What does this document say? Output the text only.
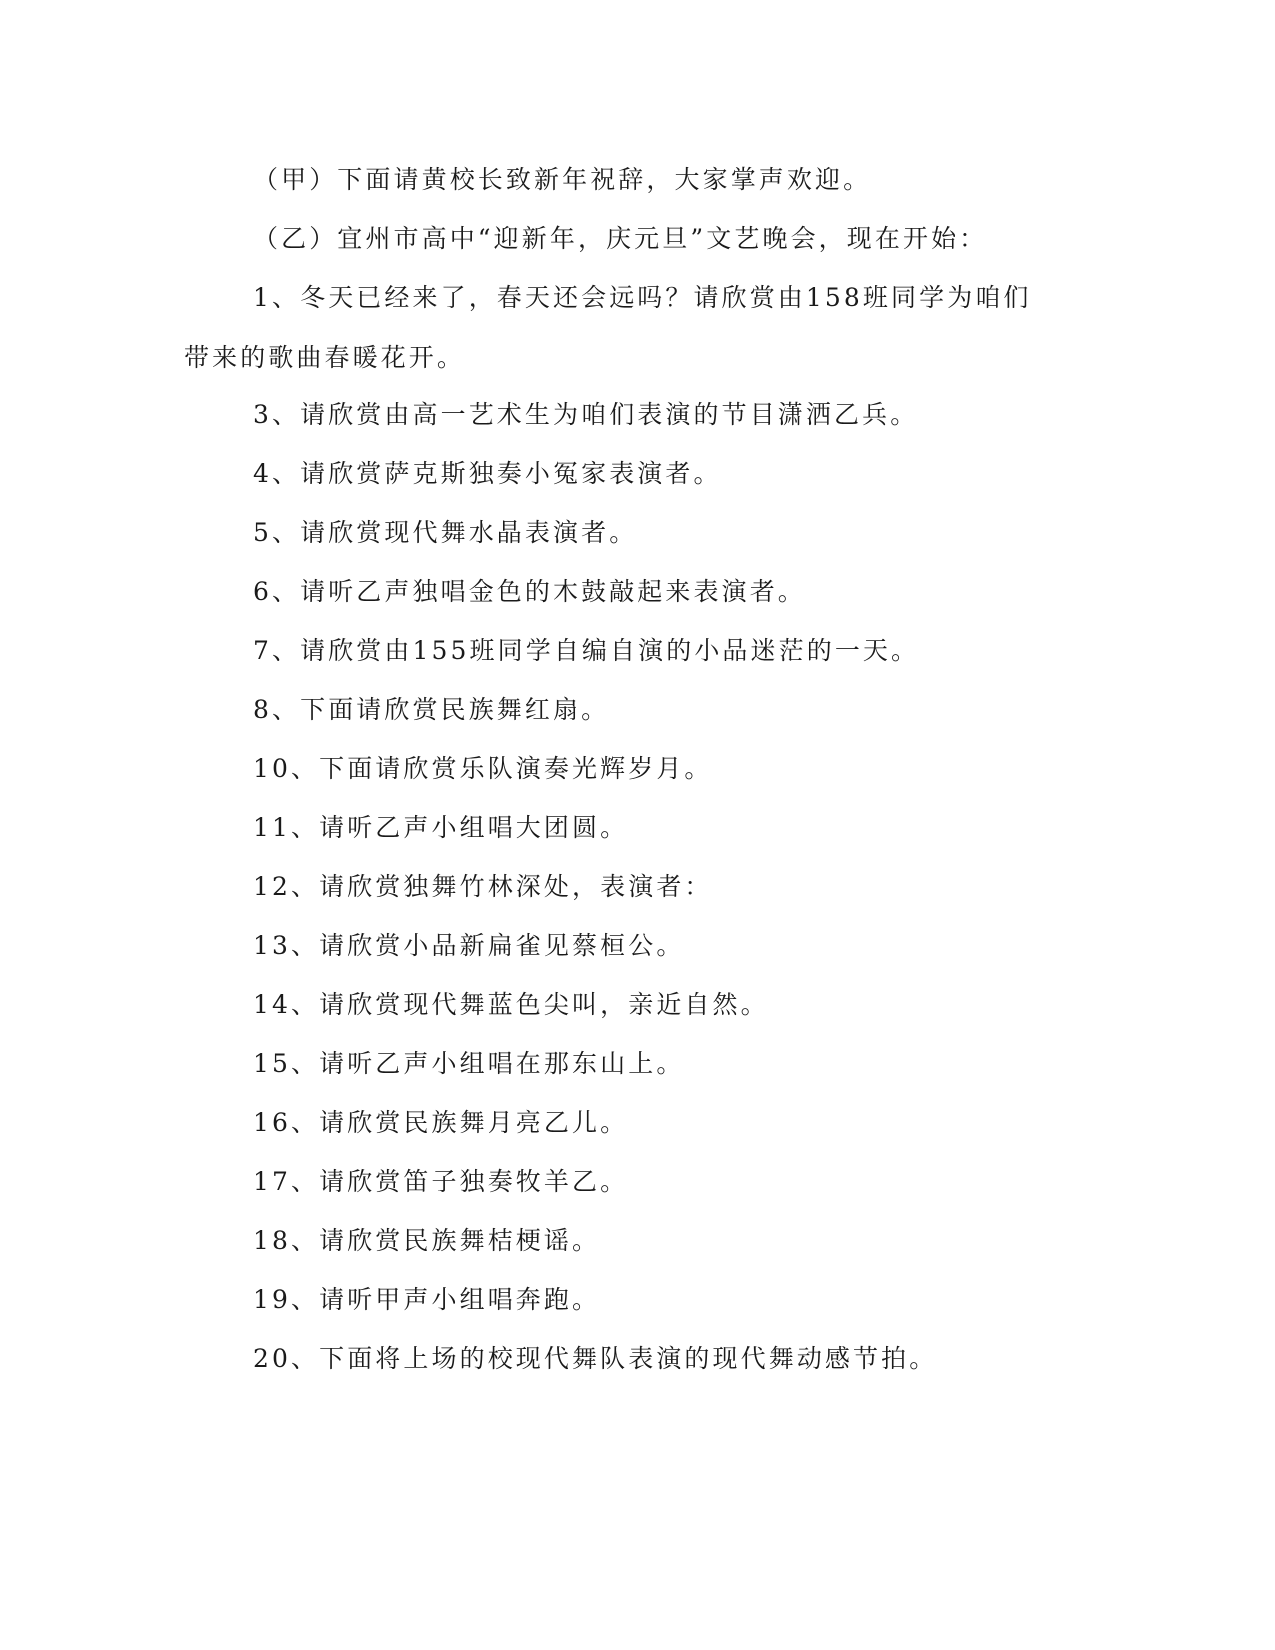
（甲）下面请黄校长致新年祝辞，大家掌声欢迎。

（乙）宜州市高中“迎新年，庆元旦”文艺晚会，现在开始：

1、冬天已经来了，春天还会远吗？请欣赏由158班同学为咱们带来的歌曲春暖花开。

3、请欣赏由高一艺术生为咱们表演的节目潇洒乙兵。

4、请欣赏萨克斯独奏小冤家表演者。

5、请欣赏现代舞水晶表演者。

6、请听乙声独唱金色的木鼓敲起来表演者。

7、请欣赏由155班同学自编自演的小品迷茫的一天。

8、下面请欣赏民族舞红扇。

10、下面请欣赏乐队演奏光辉岁月。

11、请听乙声小组唱大团圆。

12、请欣赏独舞竹林深处，表演者：

13、请欣赏小品新扁雀见蔡桓公。

14、请欣赏现代舞蓝色尖叫，亲近自然。

15、请听乙声小组唱在那东山上。

16、请欣赏民族舞月亮乙儿。

17、请欣赏笛子独奏牧羊乙。

18、请欣赏民族舞桔梗谣。

19、请听甲声小组唱奔跑。

20、下面将上场的校现代舞队表演的现代舞动感节拍。
